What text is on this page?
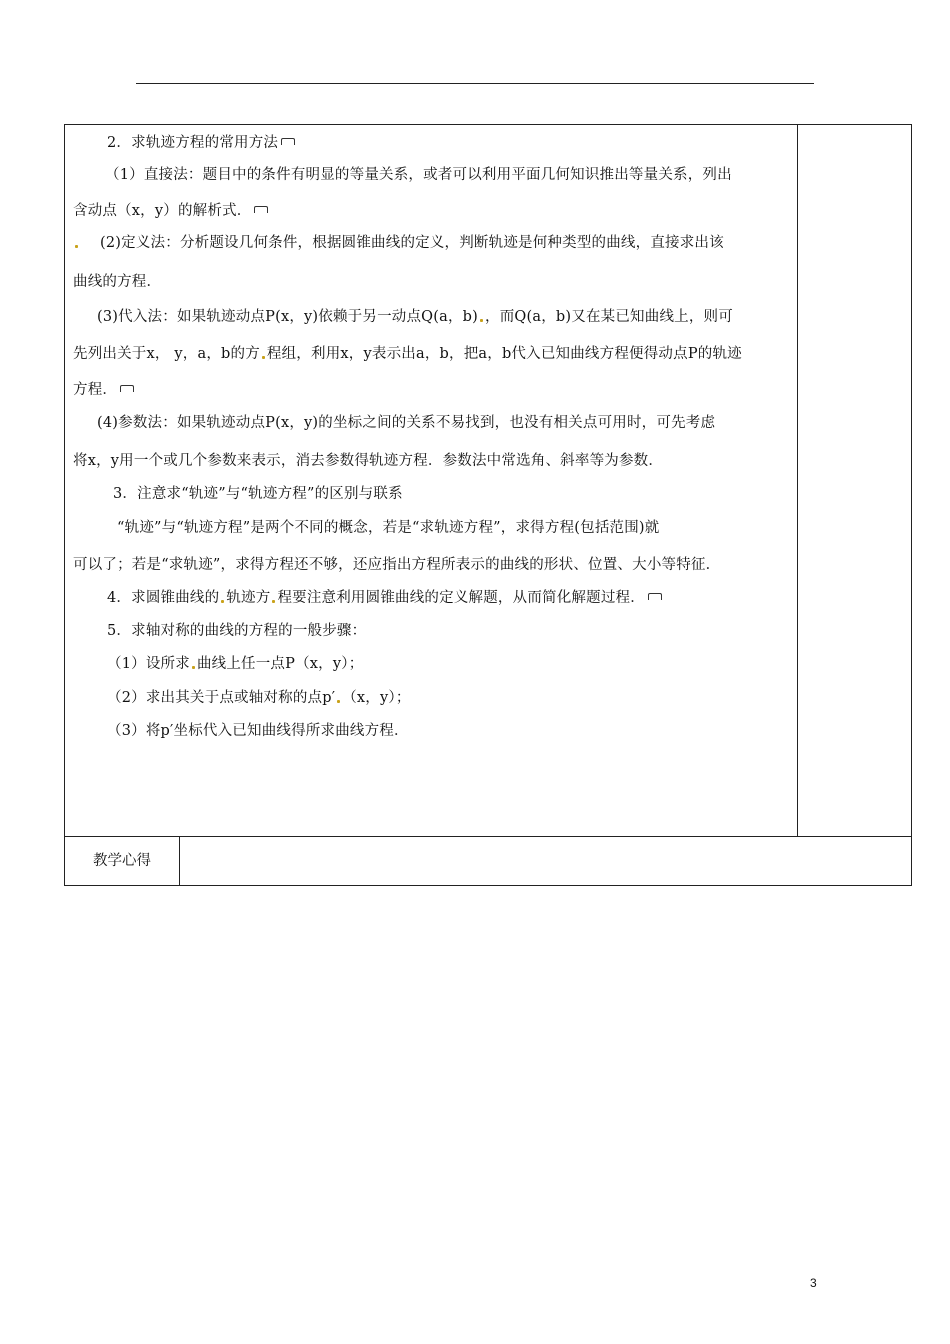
2．求轨迹方程的常用方法
（1）直接法：题目中的条件有明显的等量关系，或者可以利用平面几何知识推出等量关系，列出
含动点（x，y）的解析式．
(2)定义法：分析题设几何条件，根据圆锥曲线的定义，判断轨迹是何种类型的曲线，直接求出该
曲线的方程．
(3)代入法：如果轨迹动点P(x，y)依赖于另一动点Q(a，b) ，而Q(a，b)又在某已知曲线上，则可
先列出关于x， y，a，b的方 程组，利用x，y表示出a，b，把a，b代入已知曲线方程便得动点P的轨迹
方程．
(4)参数法：如果轨迹动点P(x，y)的坐标之间的关系不易找到，也没有相关点可用时，可先考虑
将x，y用一个或几个参数来表示，消去参数得轨迹方程．参数法中常选角、斜率等为参数．
3．注意求“轨迹”与“轨迹方程”的区别与联系
“轨迹”与“轨迹方程”是两个不同的概念，若是“求轨迹方程”，求得方程(包括范围)就
可以了；若是“求轨迹”，求得方程还不够，还应指出方程所表示的曲线的形状、位置、大小等特征．
4．求圆锥曲线的 轨迹方 程要注意利用圆锥曲线的定义解题，从而简化解题过程．
5．求轴对称的曲线的方程的一般步骤：
（1）设所求 曲线上任一点P（x，y）；
（2）求出其关于点或轴对称的点p′ （x，y）；
（3）将p′坐标代入已知曲线得所求曲线方程．
教学心得
3
